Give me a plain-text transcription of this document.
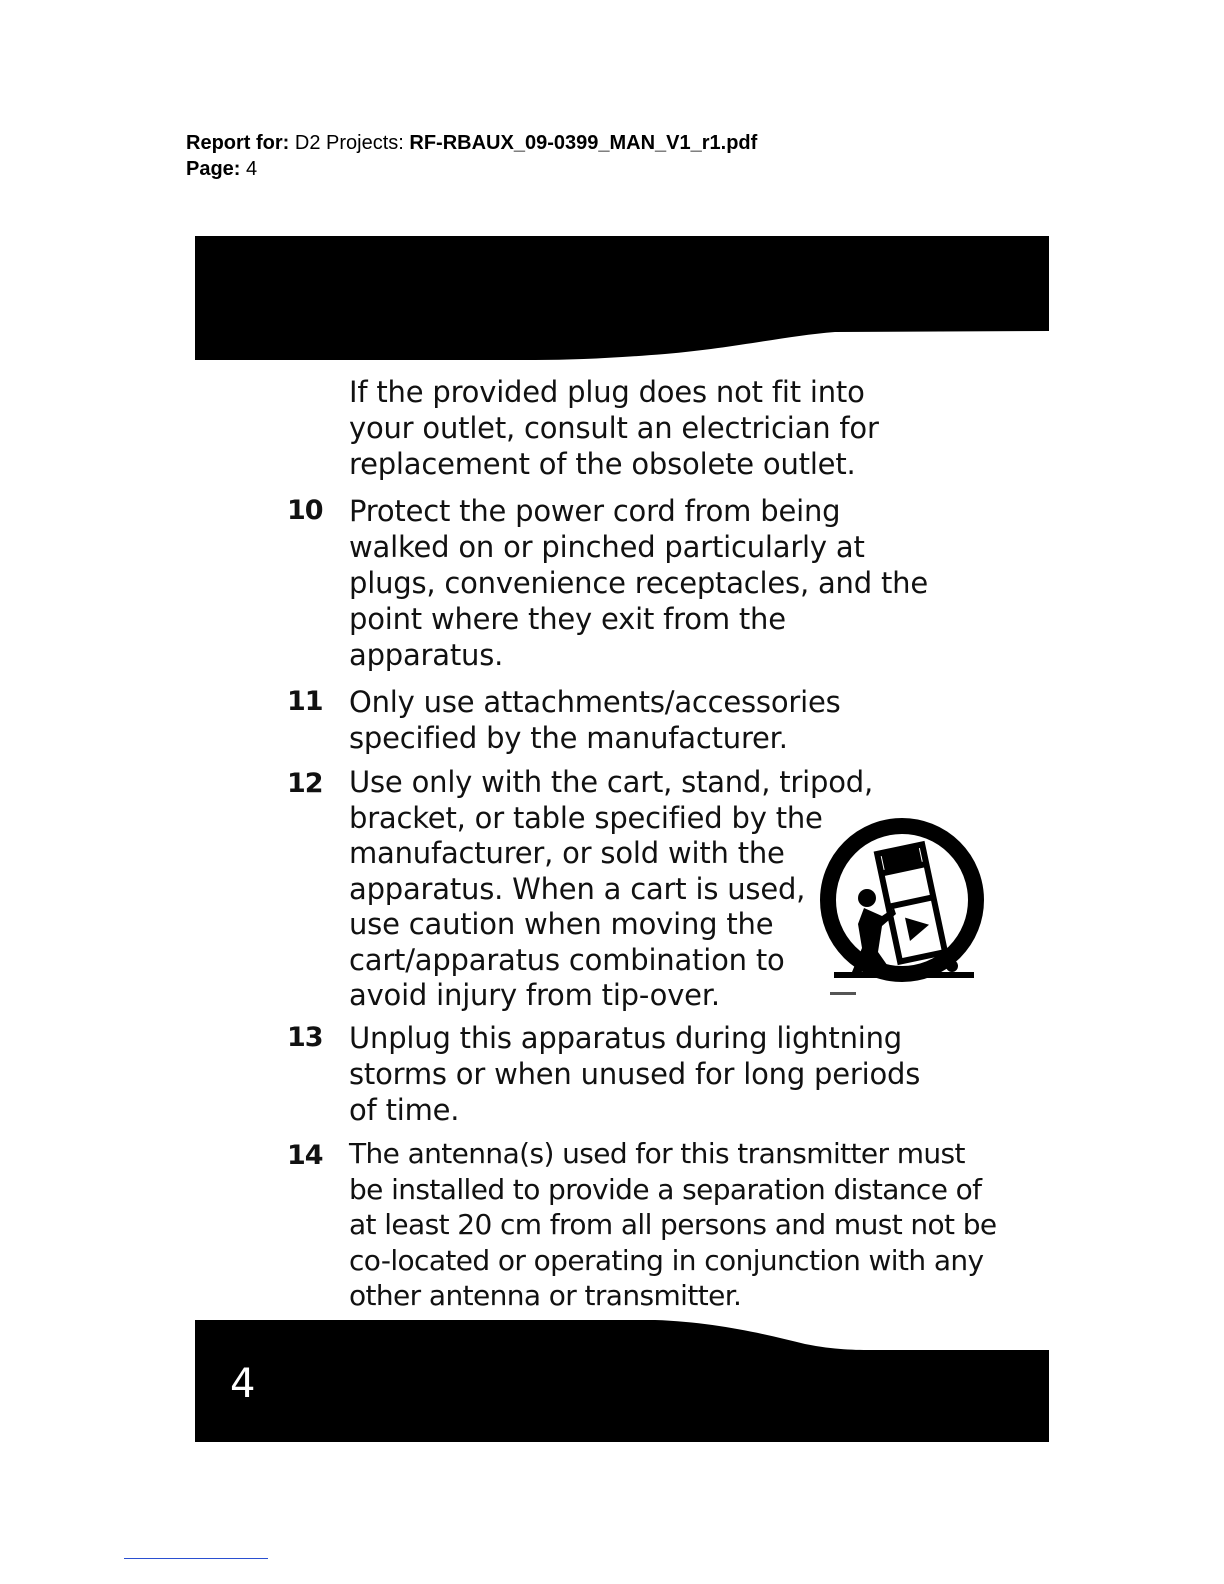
Report for: D2 Projects: RF-RBAUX_09-0399_MAN_V1_r1.pdf
Page: 4
If the provided plug does not fit into
your outlet, consult an electrician for
replacement of the obsolete outlet.
10 Protect the power cord from being
walked on or pinched particularly at
plugs, convenience receptacles, and the
point where they exit from the
apparatus.
11 Only use attachments/accessories
specified by the manufacturer.
12 Use only with the cart, stand, tripod,
bracket, or table specified by the
manufacturer, or sold with the
apparatus. When a cart is used,
use caution when moving the
cart/apparatus combination to
avoid injury from tip-over.
13 Unplug this apparatus during lightning
storms or when unused for long periods
of time.
14 The antenna(s) used for this transmitter must
be installed to provide a separation distance of
at least 20 cm from all persons and must not be
co-located or operating in conjunction with any
other antenna or transmitter.
4
